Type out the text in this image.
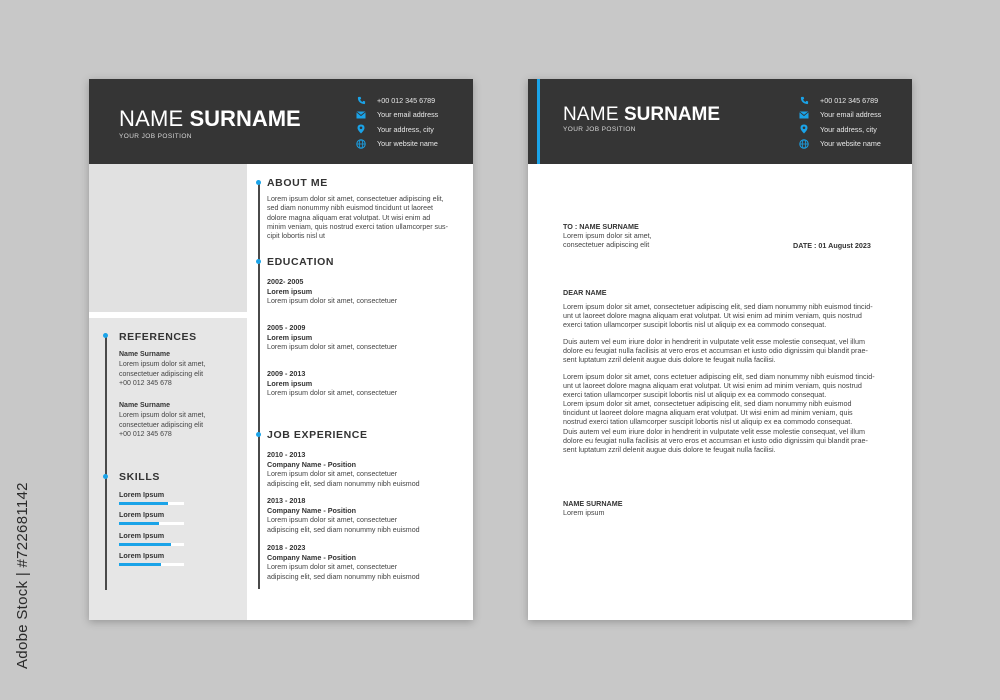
Adobe Stock | #722681142
NAME SURNAME
YOUR JOB POSITION
+00 012 345 6789
Your email address
Your address, city
Your website name
REFERENCES
Name Surname
Lorem ipsum dolor sit amet,
consectetuer adipiscing elit
+00 012 345 678
Name Surname
Lorem ipsum dolor sit amet,
consectetuer adipiscing elit
+00 012 345 678
SKILLS
Lorem Ipsum
Lorem Ipsum
Lorem Ipsum
Lorem Ipsum
ABOUT ME
Lorem ipsum dolor sit amet, consectetuer adipiscing elit,
sed diam nonummy nibh euismod tincidunt ut laoreet
dolore magna aliquam erat volutpat. Ut wisi enim ad
minim veniam, quis nostrud exerci tation ullamcorper sus-
cipit lobortis nisl ut
EDUCATION
2002- 2005
Lorem ipsum
Lorem ipsum dolor sit amet, consectetuer
2005 - 2009
Lorem ipsum
Lorem ipsum dolor sit amet, consectetuer
2009 - 2013
Lorem ipsum
Lorem ipsum dolor sit amet, consectetuer
JOB EXPERIENCE
2010 - 2013
Company Name - Position
Lorem ipsum dolor sit amet, consectetuer
adipiscing elit, sed diam nonummy nibh euismod
2013 - 2018
Company Name - Position
Lorem ipsum dolor sit amet, consectetuer
adipiscing elit, sed diam nonummy nibh euismod
2018 - 2023
Company Name - Position
Lorem ipsum dolor sit amet, consectetuer
adipiscing elit, sed diam nonummy nibh euismod
NAME SURNAME
YOUR JOB POSITION
+00 012 345 6789
Your email address
Your address, city
Your website name
TO : NAME SURNAME
Lorem ipsum dolor sit amet,
consectetuer adipiscing elit	DATE : 01 August 2023
DEAR NAME
Lorem ipsum dolor sit amet, consectetuer adipiscing elit, sed diam nonummy nibh euismod tincid-
unt ut laoreet dolore magna aliquam erat volutpat. Ut wisi enim ad minim veniam, quis nostrud
exerci tation ullamcorper suscipit lobortis nisl ut aliquip ex ea commodo consequat.
Duis autem vel eum iriure dolor in hendrerit in vulputate velit esse molestie consequat, vel illum
dolore eu feugiat nulla facilisis at vero eros et accumsan et iusto odio dignissim qui blandit prae-
sent luptatum zzril delenit augue duis dolore te feugait nulla facilisi.
Lorem ipsum dolor sit amet, cons ectetuer adipiscing elit, sed diam nonummy nibh euismod tincid-
unt ut laoreet dolore magna aliquam erat volutpat. Ut wisi enim ad minim veniam, quis nostrud
exerci tation ullamcorper suscipit lobortis nisl ut aliquip ex ea commodo consequat.
Lorem ipsum dolor sit amet, consectetuer adipiscing elit, sed diam nonummy nibh euismod
tincidunt ut laoreet dolore magna aliquam erat volutpat. Ut wisi enim ad minim veniam, quis
nostrud exerci tation ullamcorper suscipit lobortis nisl ut aliquip ex ea commodo consequat.
Duis autem vel eum iriure dolor in hendrerit in vulputate velit esse molestie consequat, vel illum
dolore eu feugiat nulla facilisis at vero eros et accumsan et iusto odio dignissim qui blandit prae-
sent luptatum zzril delenit augue duis dolore te feugait nulla facilisi.
NAME SURNAME
Lorem ipsum
